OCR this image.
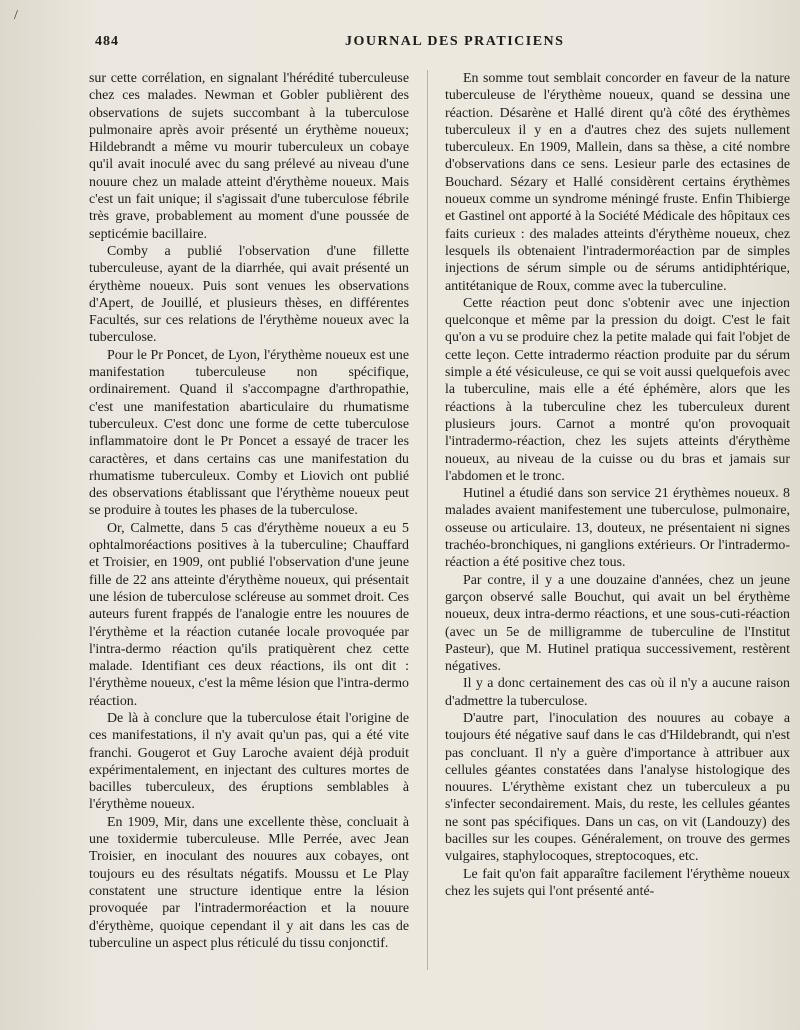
/
484	JOURNAL DES PRATICIENS

sur cette corrélation, en signalant l'hérédité tuberculeuse chez ces malades. Newman et Gobler publièrent des observations de sujets succombant à la tuberculose pulmonaire après avoir présenté un érythème noueux; Hildebrandt a même vu mourir tuberculeux un cobaye qu'il avait inoculé avec du sang prélevé au niveau d'une nouure chez un malade atteint d'érythème noueux. Mais c'est un fait unique; il s'agissait d'une tuberculose fébrile très grave, probablement au moment d'une poussée de septicémie bacillaire.

Comby a publié l'observation d'une fillette tuberculeuse, ayant de la diarrhée, qui avait présenté un érythème noueux. Puis sont venues les observations d'Apert, de Jouillé, et plusieurs thèses, en différentes Facultés, sur ces relations de l'érythème noueux avec la tuberculose.

Pour le Pr Poncet, de Lyon, l'érythème noueux est une manifestation tuberculeuse non spécifique, ordinairement. Quand il s'accompagne d'arthropathie, c'est une manifestation abarticulaire du rhumatisme tuberculeux. C'est donc une forme de cette tuberculose inflammatoire dont le Pr Poncet a essayé de tracer les caractères, et dans certains cas une manifestation du rhumatisme tuberculeux. Comby et Liovich ont publié des observations établissant que l'érythème noueux peut se produire à toutes les phases de la tuberculose.

Or, Calmette, dans 5 cas d'érythème noueux a eu 5 ophtalmoréactions positives à la tuberculine; Chauffard et Troisier, en 1909, ont publié l'observation d'une jeune fille de 22 ans atteinte d'érythème noueux, qui présentait une lésion de tuberculose scléreuse au sommet droit. Ces auteurs furent frappés de l'analogie entre les nouures de l'érythème et la réaction cutanée locale provoquée par l'intra-dermo réaction qu'ils pratiquèrent chez cette malade. Identifiant ces deux réactions, ils ont dit : l'érythème noueux, c'est la même lésion que l'intra-dermo réaction.

De là à conclure que la tuberculose était l'origine de ces manifestations, il n'y avait qu'un pas, qui a été vite franchi. Gougerot et Guy Laroche avaient déjà produit expérimentalement, en injectant des cultures mortes de bacilles tuberculeux, des éruptions semblables à l'érythème noueux.

En 1909, Mir, dans une excellente thèse, concluait à une toxidermie tuberculeuse. Mlle Perrée, avec Jean Troisier, en inoculant des nouures aux cobayes, ont toujours eu des résultats négatifs. Moussu et Le Play constatent une structure identique entre la lésion provoquée par l'intradermoréaction et la nouure d'érythème, quoique cependant il y ait dans les cas de tuberculine un aspect plus réticulé du tissu conjonctif.

En somme tout semblait concorder en faveur de la nature tuberculeuse de l'érythème noueux, quand se dessina une réaction. Désarène et Hallé dirent qu'à côté des érythèmes tuberculeux il y en a d'autres chez des sujets nullement tuberculeux. En 1909, Mallein, dans sa thèse, a cité nombre d'observations dans ce sens. Lesieur parle des ectasines de Bouchard. Sézary et Hallé considèrent certains érythèmes noueux comme un syndrome méningé fruste. Enfin Thibierge et Gastinel ont apporté à la Société Médicale des hôpitaux ces faits curieux : des malades atteints d'érythème noueux, chez lesquels ils obtenaient l'intradermoréaction par de simples injections de sérum simple ou de sérums antidiphtérique, antitétanique de Roux, comme avec la tuberculine.

Cette réaction peut donc s'obtenir avec une injection quelconque et même par la pression du doigt. C'est le fait qu'on a vu se produire chez la petite malade qui fait l'objet de cette leçon. Cette intradermo réaction produite par du sérum simple a été vésiculeuse, ce qui se voit aussi quelquefois avec la tuberculine, mais elle a été éphémère, alors que les réactions à la tuberculine chez les tuberculeux durent plusieurs jours. Carnot a montré qu'on provoquait l'intradermo-réaction, chez les sujets atteints d'érythème noueux, au niveau de la cuisse ou du bras et jamais sur l'abdomen et le tronc.

Hutinel a étudié dans son service 21 érythèmes noueux. 8 malades avaient manifestement une tuberculose, pulmonaire, osseuse ou articulaire. 13, douteux, ne présentaient ni signes trachéo-bronchiques, ni ganglions extérieurs. Or l'intradermo-réaction a été positive chez tous.

Par contre, il y a une douzaine d'années, chez un jeune garçon observé salle Bouchut, qui avait un bel érythème noueux, deux intra-dermo réactions, et une sous-cuti-réaction (avec un 5e de milligramme de tuberculine de l'Institut Pasteur), que M. Hutinel pratiqua successivement, restèrent négatives.

Il y a donc certainement des cas où il n'y a aucune raison d'admettre la tuberculose.

D'autre part, l'inoculation des nouures au cobaye a toujours été négative sauf dans le cas d'Hildebrandt, qui n'est pas concluant. Il n'y a guère d'importance à attribuer aux cellules géantes constatées dans l'analyse histologique des nouures. L'érythème existant chez un tuberculeux a pu s'infecter secondairement. Mais, du reste, les cellules géantes ne sont pas spécifiques. Dans un cas, on vit (Landouzy) des bacilles sur les coupes. Généralement, on trouve des germes vulgaires, staphylocoques, streptocoques, etc.

Le fait qu'on fait apparaître facilement l'érythème noueux chez les sujets qui l'ont présenté anté-
